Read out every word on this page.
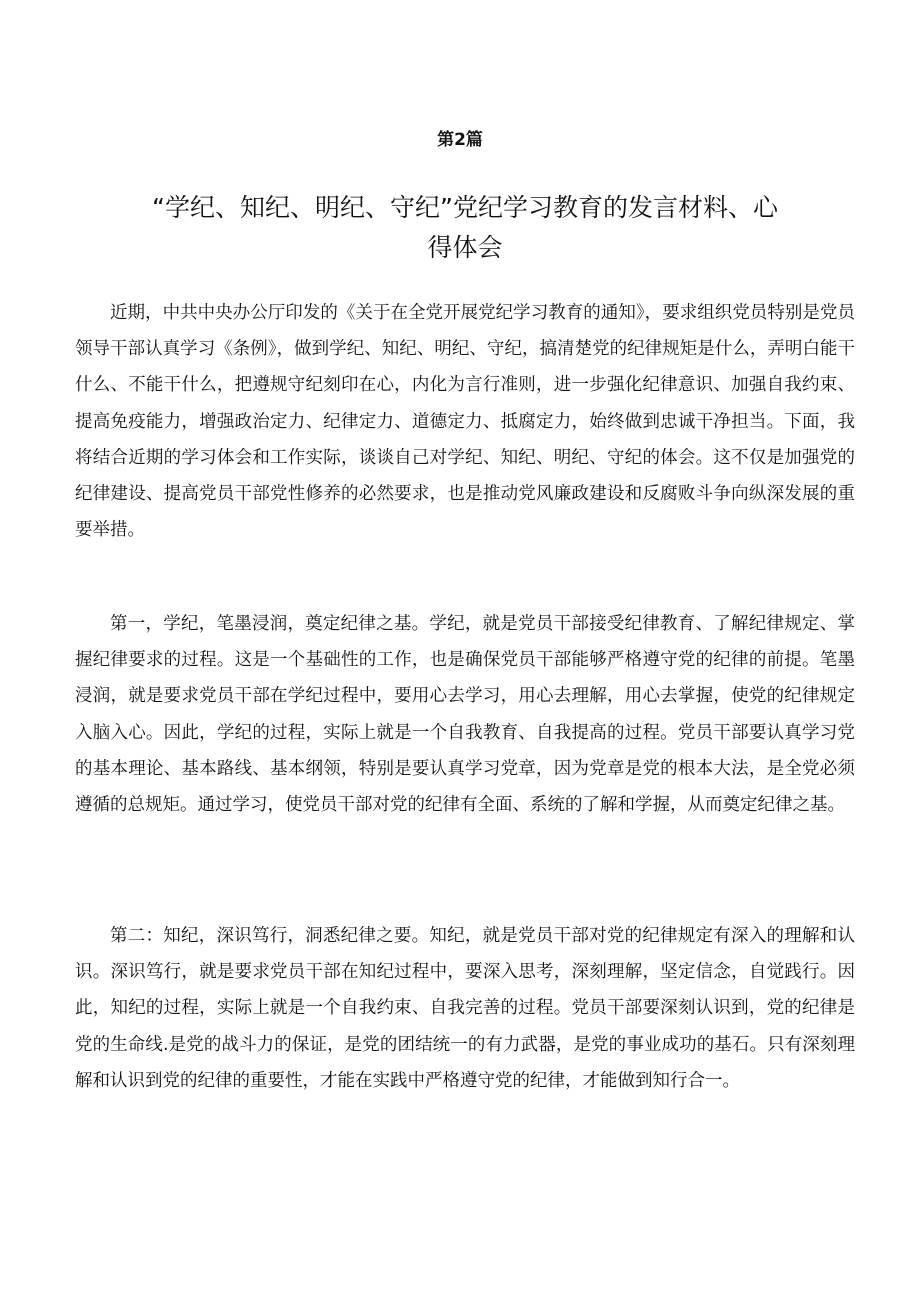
第2篇
“学纪、知纪、明纪、守纪”党纪学习教育的发言材料、心
得体会

近期，中共中央办公厅印发的《关于在全党开展党纪学习教育的通知》，要求组织党员特别是党员领导干部认真学习《条例》，做到学纪、知纪、明纪、守纪，搞清楚党的纪律规矩是什么，弄明白能干什么、不能干什么，把遵规守纪刻印在心，内化为言行准则，进一步强化纪律意识、加强自我约束、提高免疫能力，增强政治定力、纪律定力、道德定力、抵腐定力，始终做到忠诚干净担当。下面，我将结合近期的学习体会和工作实际，谈谈自己对学纪、知纪、明纪、守纪的体会。这不仅是加强党的纪律建设、提高党员干部党性修养的必然要求，也是推动党风廉政建设和反腐败斗争向纵深发展的重要举措。

第一，学纪，笔墨浸润，奠定纪律之基。学纪，就是党员干部接受纪律教育、了解纪律规定、掌握纪律要求的过程。这是一个基础性的工作，也是确保党员干部能够严格遵守党的纪律的前提。笔墨浸润，就是要求党员干部在学纪过程中，要用心去学习，用心去理解，用心去掌握，使党的纪律规定入脑入心。因此，学纪的过程，实际上就是一个自我教育、自我提高的过程。党员干部要认真学习党的基本理论、基本路线、基本纲领，特别是要认真学习党章，因为党章是党的根本大法，是全党必须遵循的总规矩。通过学习，使党员干部对党的纪律有全面、系统的了解和学握，从而奠定纪律之基。

第二：知纪，深识笃行，洞悉纪律之要。知纪，就是党员干部对党的纪律规定有深入的理解和认识。深识笃行，就是要求党员干部在知纪过程中，要深入思考，深刻理解，坚定信念，自觉践行。因此，知纪的过程，实际上就是一个自我约束、自我完善的过程。党员干部要深刻认识到，党的纪律是党的生命线.是党的战斗力的保证，是党的团结统一的有力武器，是党的事业成功的基石。只有深刻理解和认识到党的纪律的重要性，才能在实践中严格遵守党的纪律，才能做到知行合一。
